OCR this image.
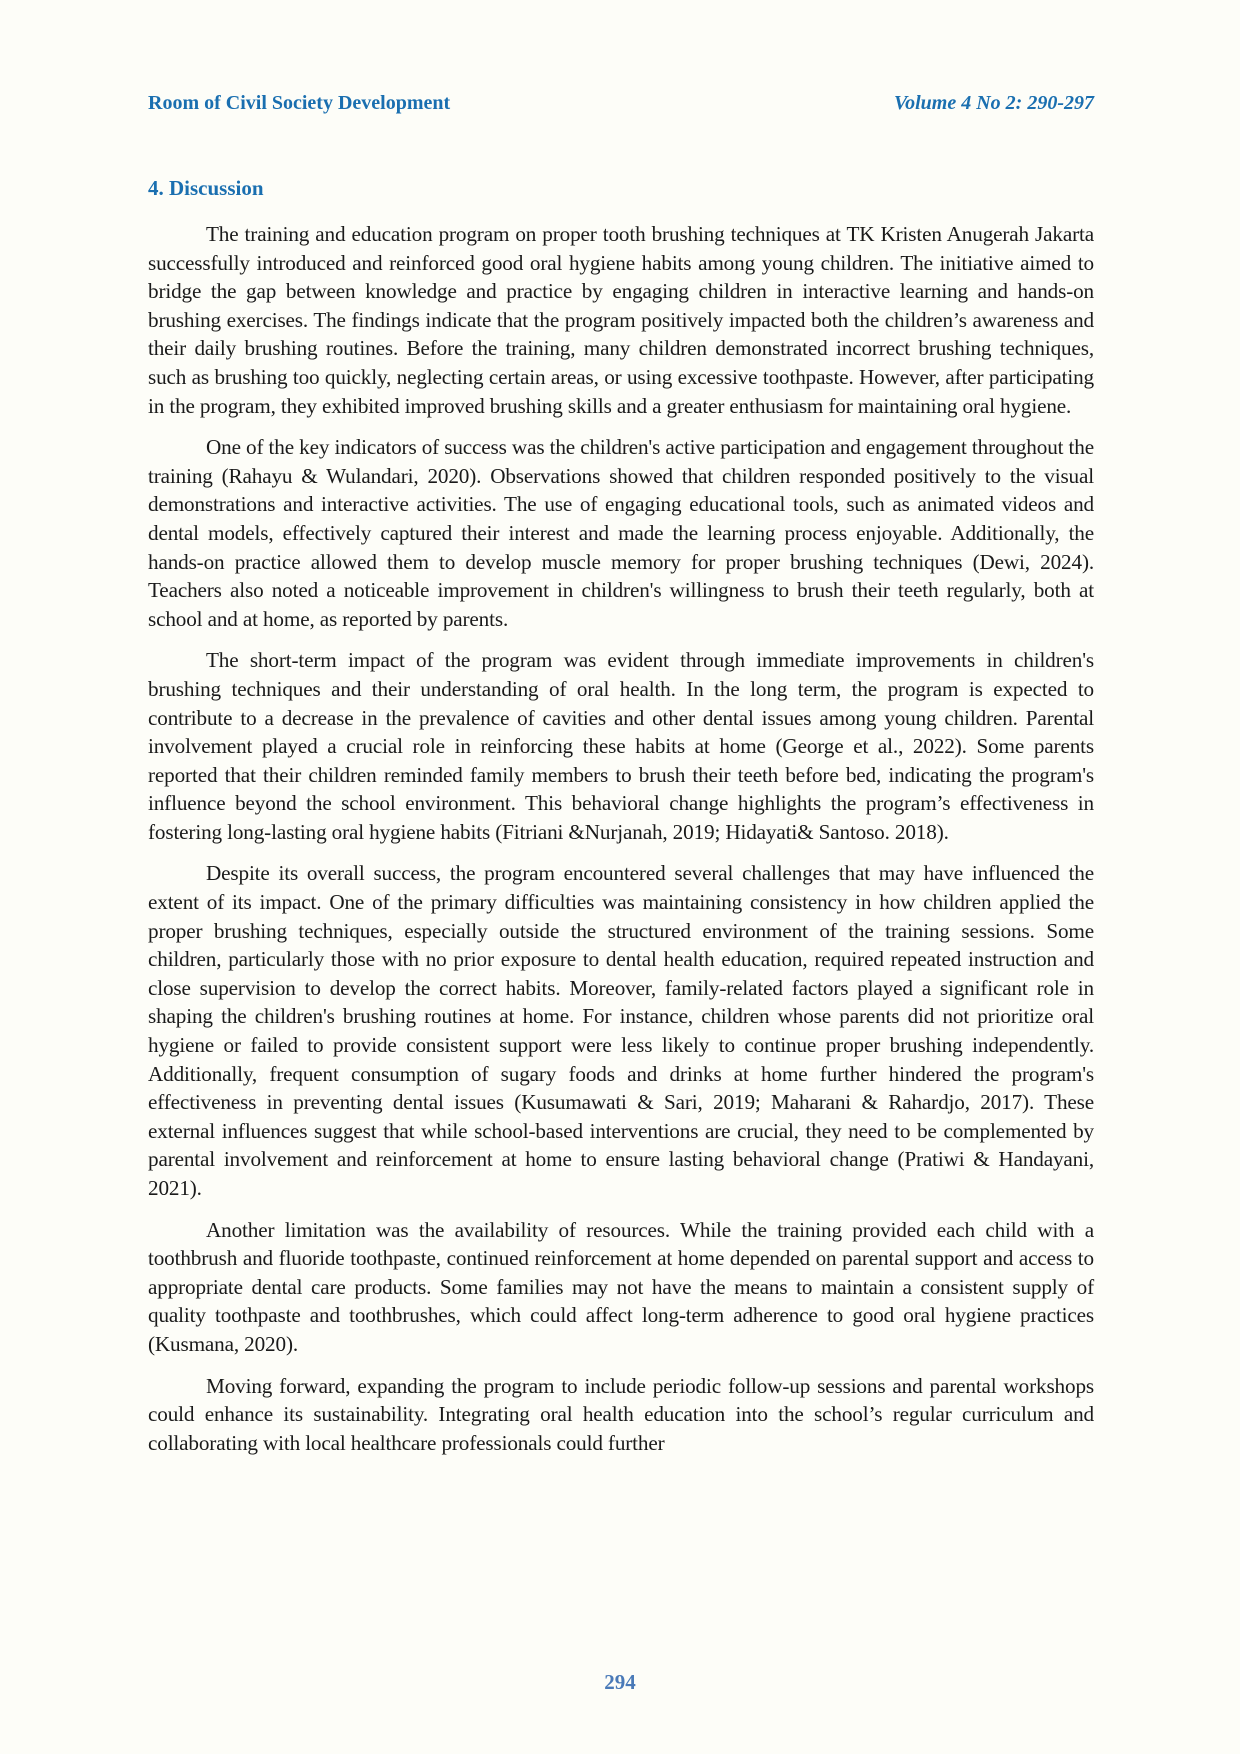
Room of Civil Society Development	Volume 4 No 2: 290-297
4. Discussion

The training and education program on proper tooth brushing techniques at TK Kristen Anugerah Jakarta successfully introduced and reinforced good oral hygiene habits among young children. The initiative aimed to bridge the gap between knowledge and practice by engaging children in interactive learning and hands-on brushing exercises. The findings indicate that the program positively impacted both the children’s awareness and their daily brushing routines. Before the training, many children demonstrated incorrect brushing techniques, such as brushing too quickly, neglecting certain areas, or using excessive toothpaste. However, after participating in the program, they exhibited improved brushing skills and a greater enthusiasm for maintaining oral hygiene.

One of the key indicators of success was the children's active participation and engagement throughout the training (Rahayu & Wulandari, 2020). Observations showed that children responded positively to the visual demonstrations and interactive activities. The use of engaging educational tools, such as animated videos and dental models, effectively captured their interest and made the learning process enjoyable. Additionally, the hands-on practice allowed them to develop muscle memory for proper brushing techniques (Dewi, 2024). Teachers also noted a noticeable improvement in children's willingness to brush their teeth regularly, both at school and at home, as reported by parents.

The short-term impact of the program was evident through immediate improvements in children's brushing techniques and their understanding of oral health. In the long term, the program is expected to contribute to a decrease in the prevalence of cavities and other dental issues among young children. Parental involvement played a crucial role in reinforcing these habits at home (George et al., 2022). Some parents reported that their children reminded family members to brush their teeth before bed, indicating the program's influence beyond the school environment. This behavioral change highlights the program’s effectiveness in fostering long-lasting oral hygiene habits (Fitriani &Nurjanah, 2019; Hidayati& Santoso. 2018).

Despite its overall success, the program encountered several challenges that may have influenced the extent of its impact. One of the primary difficulties was maintaining consistency in how children applied the proper brushing techniques, especially outside the structured environment of the training sessions. Some children, particularly those with no prior exposure to dental health education, required repeated instruction and close supervision to develop the correct habits. Moreover, family-related factors played a significant role in shaping the children's brushing routines at home. For instance, children whose parents did not prioritize oral hygiene or failed to provide consistent support were less likely to continue proper brushing independently. Additionally, frequent consumption of sugary foods and drinks at home further hindered the program's effectiveness in preventing dental issues (Kusumawati & Sari, 2019; Maharani & Rahardjo, 2017). These external influences suggest that while school-based interventions are crucial, they need to be complemented by parental involvement and reinforcement at home to ensure lasting behavioral change (Pratiwi & Handayani, 2021).

Another limitation was the availability of resources. While the training provided each child with a toothbrush and fluoride toothpaste, continued reinforcement at home depended on parental support and access to appropriate dental care products. Some families may not have the means to maintain a consistent supply of quality toothpaste and toothbrushes, which could affect long-term adherence to good oral hygiene practices (Kusmana, 2020).

Moving forward, expanding the program to include periodic follow-up sessions and parental workshops could enhance its sustainability. Integrating oral health education into the school’s regular curriculum and collaborating with local healthcare professionals could further

294
